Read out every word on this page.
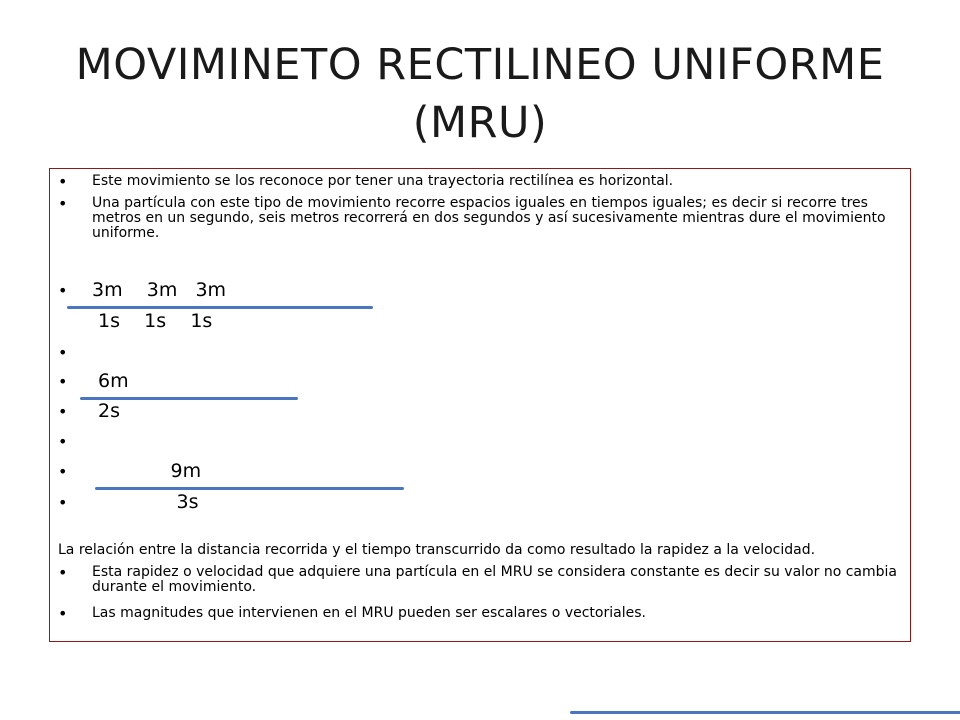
MOVIMINETO RECTILINEO UNIFORME
(MRU)
• Este movimiento se los reconoce por tener una trayectoria rectilínea es horizontal.
• Una partícula con este tipo de movimiento recorre espacios iguales en tiempos iguales; es decir si recorre tres metros en un segundo, seis metros recorrerá en dos segundos y así sucesivamente mientras dure el movimiento uniforme.
• 3m    3m   3m
1s    1s    1s
•
• 6m
• 2s
•
• 9m
• 3s
La relación entre la distancia recorrida y el tiempo transcurrido da como resultado la rapidez a la velocidad.
• Esta rapidez o velocidad que adquiere una partícula en el MRU se considera constante es decir su valor no cambia durante el movimiento.
• Las magnitudes que intervienen en el MRU pueden ser escalares o vectoriales.
